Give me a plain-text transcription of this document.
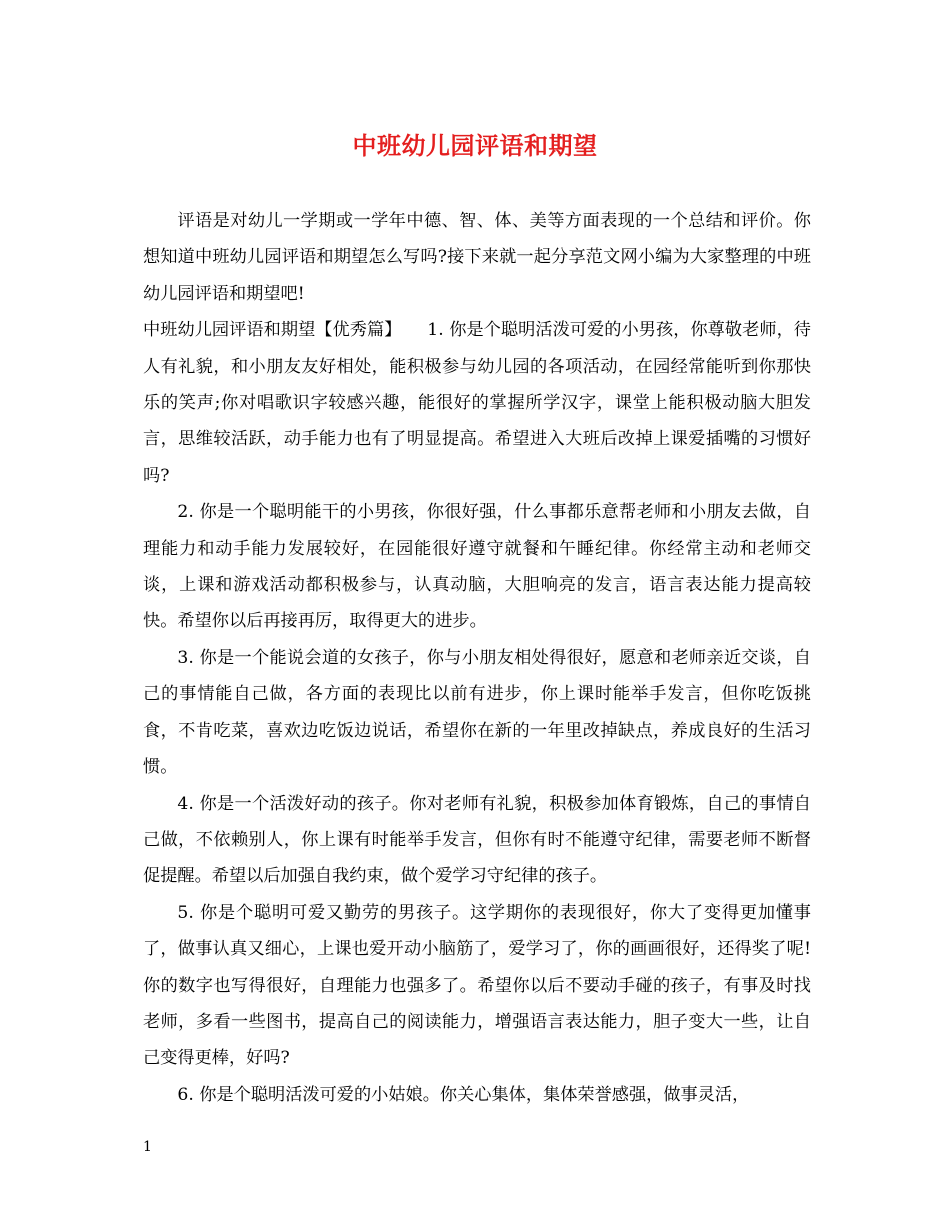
中班幼儿园评语和期望

评语是对幼儿一学期或一学年中德、智、体、美等方面表现的一个总结和评价。你想知道中班幼儿园评语和期望怎么写吗?接下来就一起分享范文网小编为大家整理的中班幼儿园评语和期望吧!

中班幼儿园评语和期望【优秀篇】　　1. 你是个聪明活泼可爱的小男孩，你尊敬老师，待人有礼貌，和小朋友友好相处，能积极参与幼儿园的各项活动，在园经常能听到你那快乐的笑声;你对唱歌识字较感兴趣，能很好的掌握所学汉字，课堂上能积极动脑大胆发言，思维较活跃，动手能力也有了明显提高。希望进入大班后改掉上课爱插嘴的习惯好吗?

2. 你是一个聪明能干的小男孩，你很好强，什么事都乐意帮老师和小朋友去做，自理能力和动手能力发展较好，在园能很好遵守就餐和午睡纪律。你经常主动和老师交谈，上课和游戏活动都积极参与，认真动脑，大胆响亮的发言，语言表达能力提高较快。希望你以后再接再厉，取得更大的进步。

3. 你是一个能说会道的女孩子，你与小朋友相处得很好，愿意和老师亲近交谈，自己的事情能自己做，各方面的表现比以前有进步，你上课时能举手发言，但你吃饭挑食，不肯吃菜，喜欢边吃饭边说话，希望你在新的一年里改掉缺点，养成良好的生活习惯。

4. 你是一个活泼好动的孩子。你对老师有礼貌，积极参加体育锻炼，自己的事情自己做，不依赖别人，你上课有时能举手发言，但你有时不能遵守纪律，需要老师不断督促提醒。希望以后加强自我约束，做个爱学习守纪律的孩子。

5. 你是个聪明可爱又勤劳的男孩子。这学期你的表现很好，你大了变得更加懂事了，做事认真又细心，上课也爱开动小脑筋了，爱学习了，你的画画很好，还得奖了呢!你的数字也写得很好，自理能力也强多了。希望你以后不要动手碰的孩子，有事及时找老师，多看一些图书，提高自己的阅读能力，增强语言表达能力，胆子变大一些，让自己变得更棒，好吗?

6. 你是个聪明活泼可爱的小姑娘。你关心集体，集体荣誉感强，做事灵活，

1
